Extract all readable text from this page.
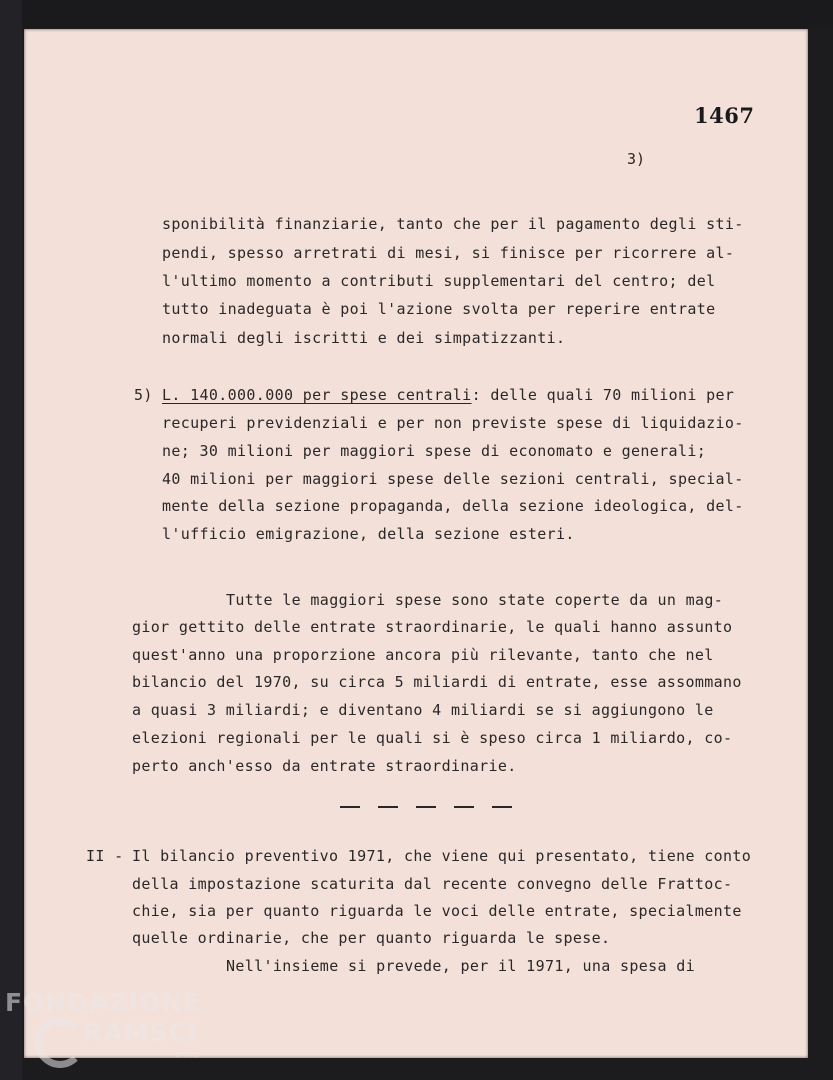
1467
3)
sponibilità finanziarie, tanto che per il pagamento degli sti-
pendi, spesso arretrati di mesi, si finisce per ricorrere al-
l'ultimo momento a contributi supplementari del centro; del
tutto inadeguata è poi l'azione svolta per reperire entrate
normali degli iscritti e dei simpatizzanti.
5) L. 140.000.000 per spese centrali: delle quali 70 milioni per
recuperi previdenziali e per non previste spese di liquidazio-
ne; 30 milioni per maggiori spese di economato e generali;
40 milioni per maggiori spese delle sezioni centrali, special-
mente della sezione propaganda, della sezione ideologica, del-
l'ufficio emigrazione, della sezione esteri.
Tutte le maggiori spese sono state coperte da un mag-
gior gettito delle entrate straordinarie, le quali hanno assunto
quest'anno una proporzione ancora più rilevante, tanto che nel
bilancio del 1970, su circa 5 miliardi di entrate, esse assommano
a quasi 3 miliardi; e diventano 4 miliardi se si aggiungono le
elezioni regionali per le quali si è speso circa 1 miliardo, co-
perto anch'esso da entrate straordinarie.
II - Il bilancio preventivo 1971, che viene qui presentato, tiene conto
della impostazione scaturita dal recente convegno delle Frattoc-
chie, sia per quanto riguarda le voci delle entrate, specialmente
quelle ordinarie, che per quanto riguarda le spese.
Nell'insieme si prevede, per il 1971, una spesa di
FONDAZIONE
RAMSCI
onlus
